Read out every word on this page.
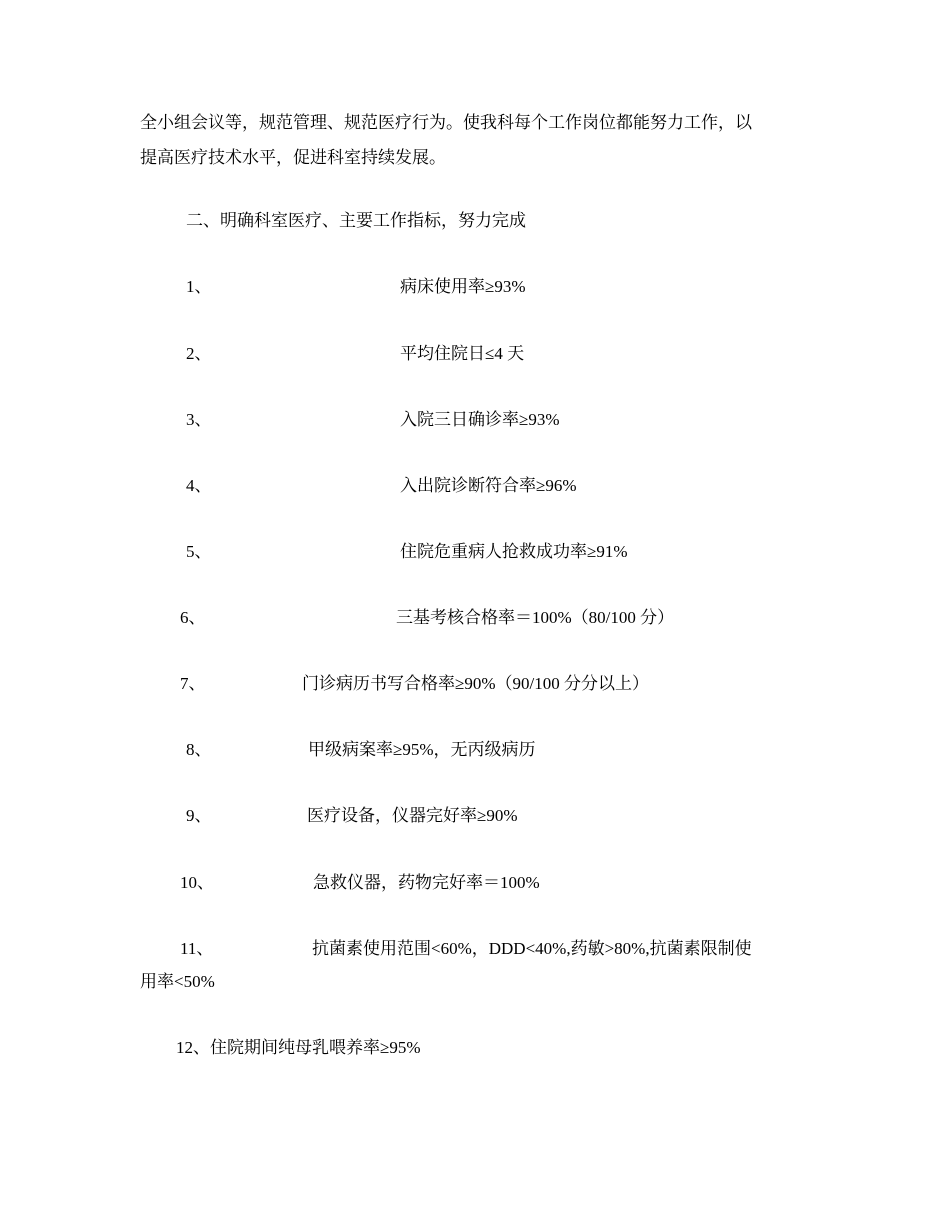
全小组会议等，规范管理、规范医疗行为。使我科每个工作岗位都能努力工作，以
提高医疗技术水平，促进科室持续发展。
二、明确科室医疗、主要工作指标，努力完成
1、	病床使用率≥93%
2、	平均住院日≤4 天
3、	入院三日确诊率≥93%
4、	入出院诊断符合率≥96%
5、	住院危重病人抢救成功率≥91%
6、	三基考核合格率＝100%（80/100 分）
7、	门诊病历书写合格率≥90%（90/100 分分以上）
8、	甲级病案率≥95%，无丙级病历
9、	医疗设备，仪器完好率≥90%
10、	急救仪器，药物完好率＝100%
11、	抗菌素使用范围<60%，DDD<40%,药敏>80%,抗菌素限制使
用率<50%
12、住院期间纯母乳喂养率≥95%
